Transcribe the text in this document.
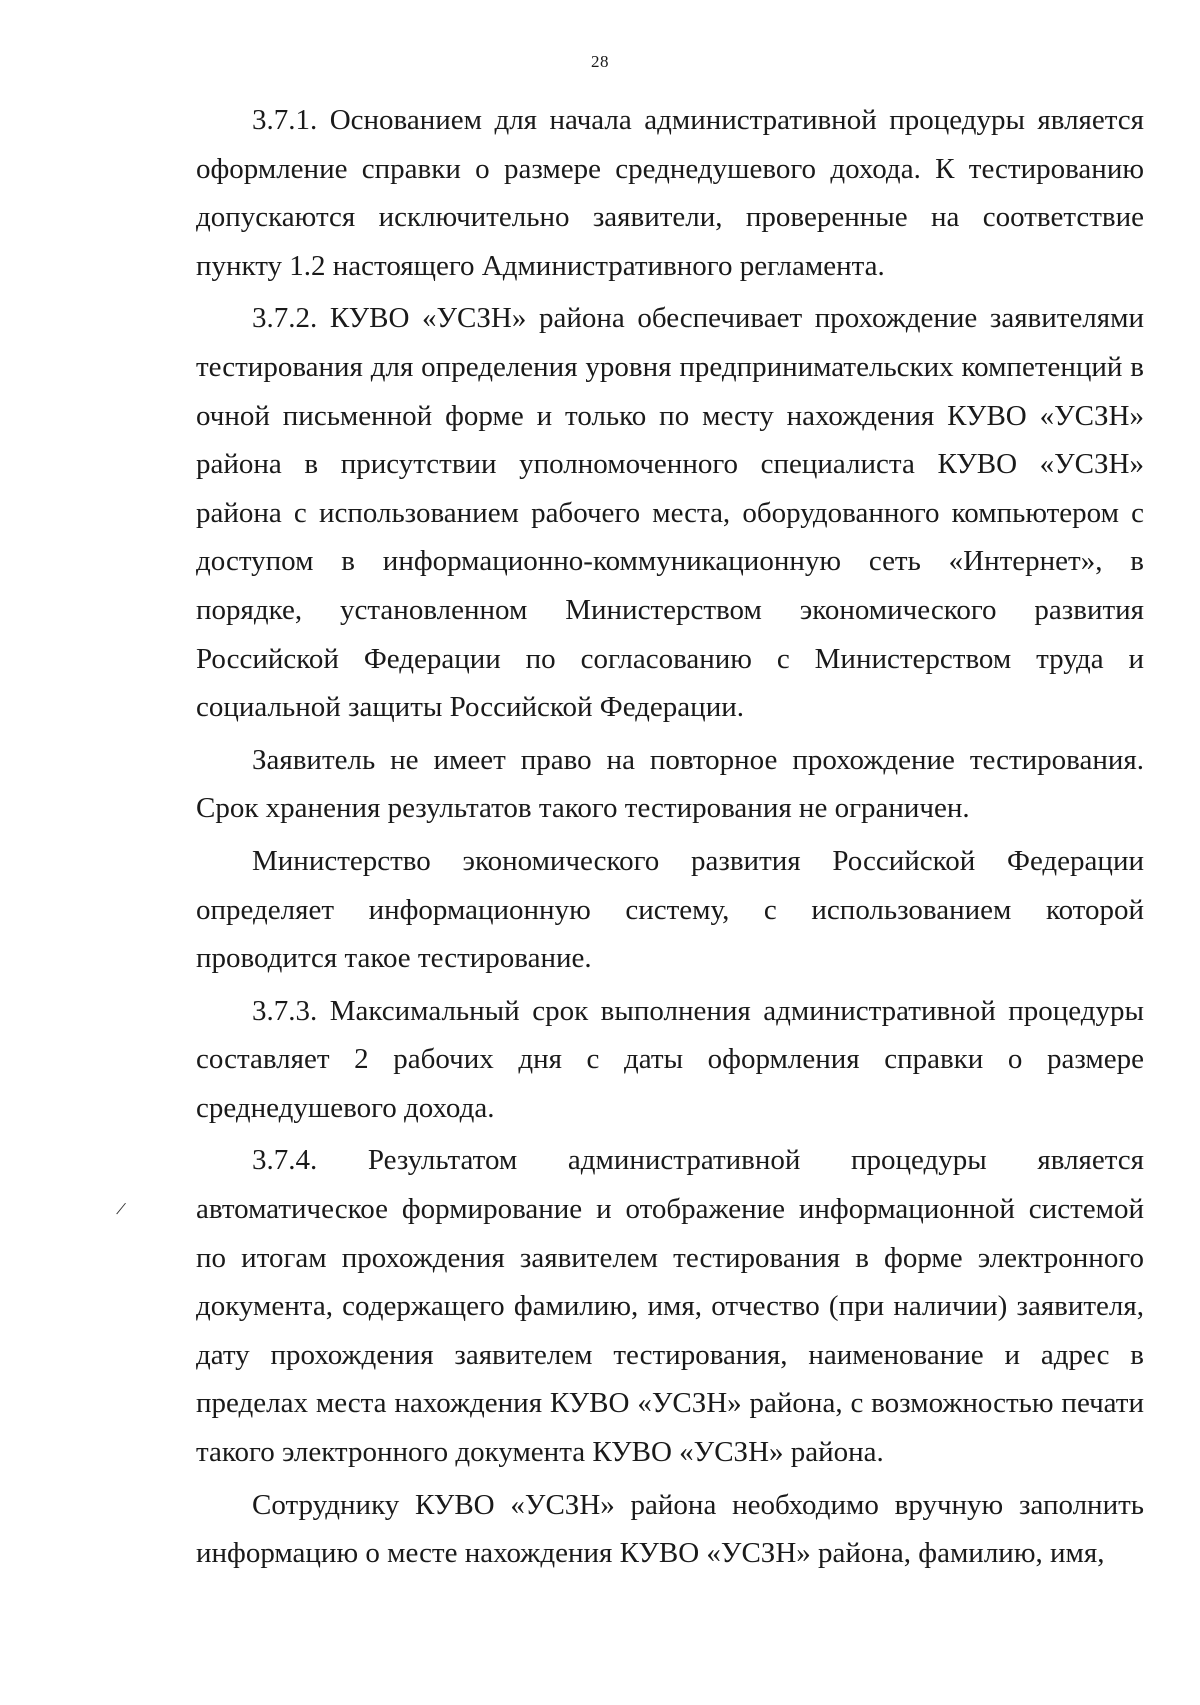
28

3.7.1. Основанием для начала административной процедуры является оформление справки о размере среднедушевого дохода. К тестированию допускаются исключительно заявители, проверенные на соответствие пункту 1.2 настоящего Административного регламента.

3.7.2. КУВО «УСЗН» района обеспечивает прохождение заявителями тестирования для определения уровня предпринимательских компетенций в очной письменной форме и только по месту нахождения КУВО «УСЗН» района в присутствии уполномоченного специалиста КУВО «УСЗН» района с использованием рабочего места, оборудованного компьютером с доступом в информационно-коммуникационную сеть «Интернет», в порядке, установленном Министерством экономического развития Российской Федерации по согласованию с Министерством труда и социальной защиты Российской Федерации.

Заявитель не имеет право на повторное прохождение тестирования. Срок хранения результатов такого тестирования не ограничен.

Министерство экономического развития Российской Федерации определяет информационную систему, с использованием которой проводится такое тестирование.

3.7.3. Максимальный срок выполнения административной процедуры составляет 2 рабочих дня с даты оформления справки о размере среднедушевого дохода.

3.7.4. Результатом административной процедуры является автоматическое формирование и отображение информационной системой по итогам прохождения заявителем тестирования в форме электронного документа, содержащего фамилию, имя, отчество (при наличии) заявителя, дату прохождения заявителем тестирования, наименование и адрес в пределах места нахождения КУВО «УСЗН» района, с возможностью печати такого электронного документа КУВО «УСЗН» района.

Сотруднику КУВО «УСЗН» района необходимо вручную заполнить информацию о месте нахождения КУВО «УСЗН» района, фамилию, имя,

/
